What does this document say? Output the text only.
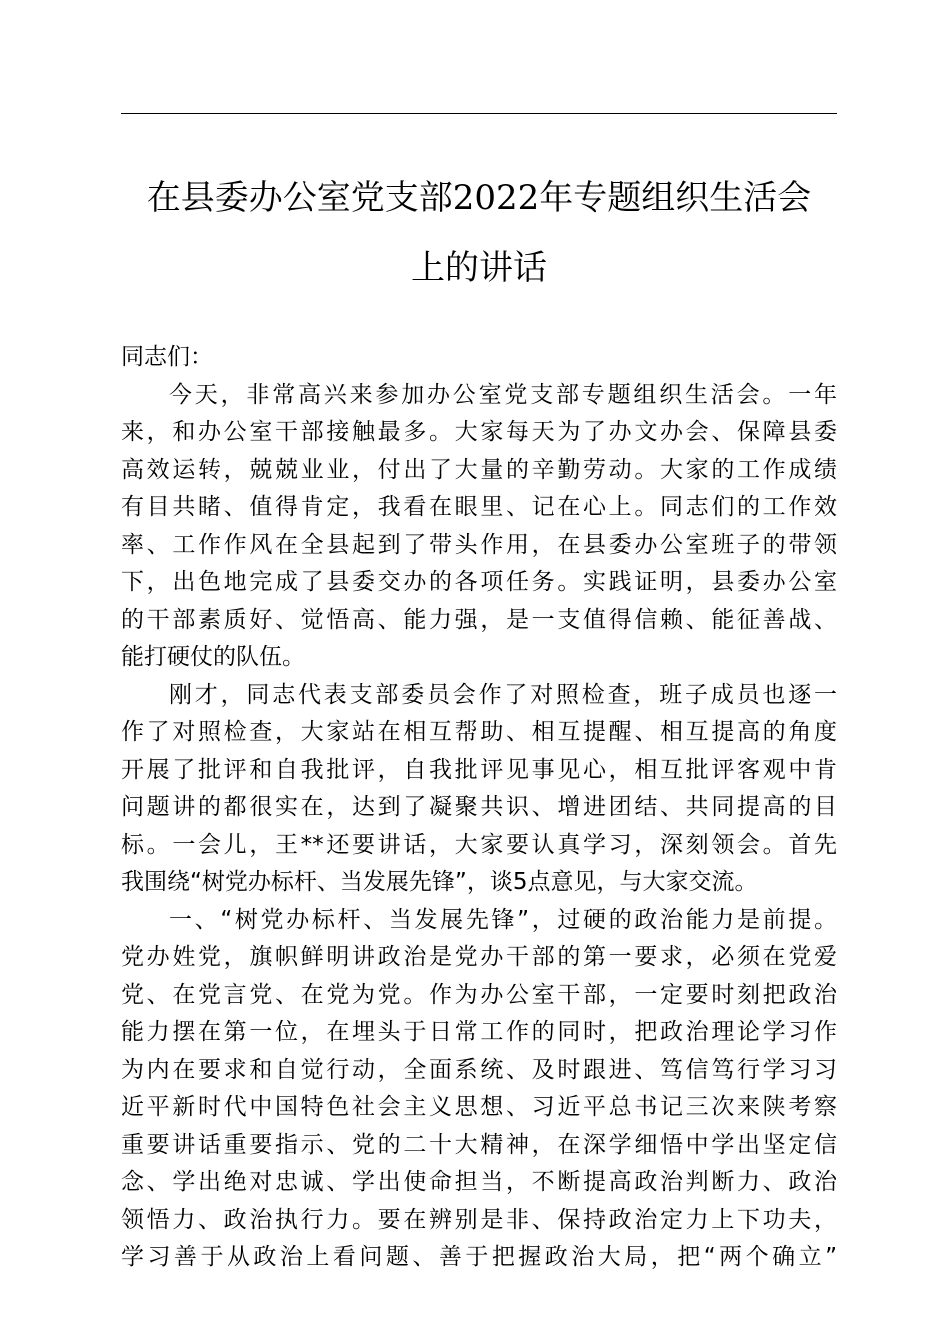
在县委办公室党支部2022年专题组织生活会
上的讲话
同志们：
今天，非常高兴来参加办公室党支部专题组织生活会。一年
来，和办公室干部接触最多。大家每天为了办文办会、保障县委
高效运转，兢兢业业，付出了大量的辛勤劳动。大家的工作成绩
有目共睹、值得肯定，我看在眼里、记在心上。同志们的工作效
率、工作作风在全县起到了带头作用，在县委办公室班子的带领
下，出色地完成了县委交办的各项任务。实践证明，县委办公室
的干部素质好、觉悟高、能力强，是一支值得信赖、能征善战、
能打硬仗的队伍。
刚才，同志代表支部委员会作了对照检查，班子成员也逐一
作了对照检查，大家站在相互帮助、相互提醒、相互提高的角度
开展了批评和自我批评，自我批评见事见心，相互批评客观中肯
问题讲的都很实在，达到了凝聚共识、增进团结、共同提高的目
标。一会儿，王**还要讲话，大家要认真学习，深刻领会。首先
我围绕“树党办标杆、当发展先锋”，谈5点意见，与大家交流。
一、“树党办标杆、当发展先锋”，过硬的政治能力是前提。
党办姓党，旗帜鲜明讲政治是党办干部的第一要求，必须在党爱
党、在党言党、在党为党。作为办公室干部，一定要时刻把政治
能力摆在第一位，在埋头于日常工作的同时，把政治理论学习作
为内在要求和自觉行动，全面系统、及时跟进、笃信笃行学习习
近平新时代中国特色社会主义思想、习近平总书记三次来陕考察
重要讲话重要指示、党的二十大精神，在深学细悟中学出坚定信
念、学出绝对忠诚、学出使命担当，不断提高政治判断力、政治
领悟力、政治执行力。要在辨别是非、保持政治定力上下功夫，
学习善于从政治上看问题、善于把握政治大局，把“两个确立”
